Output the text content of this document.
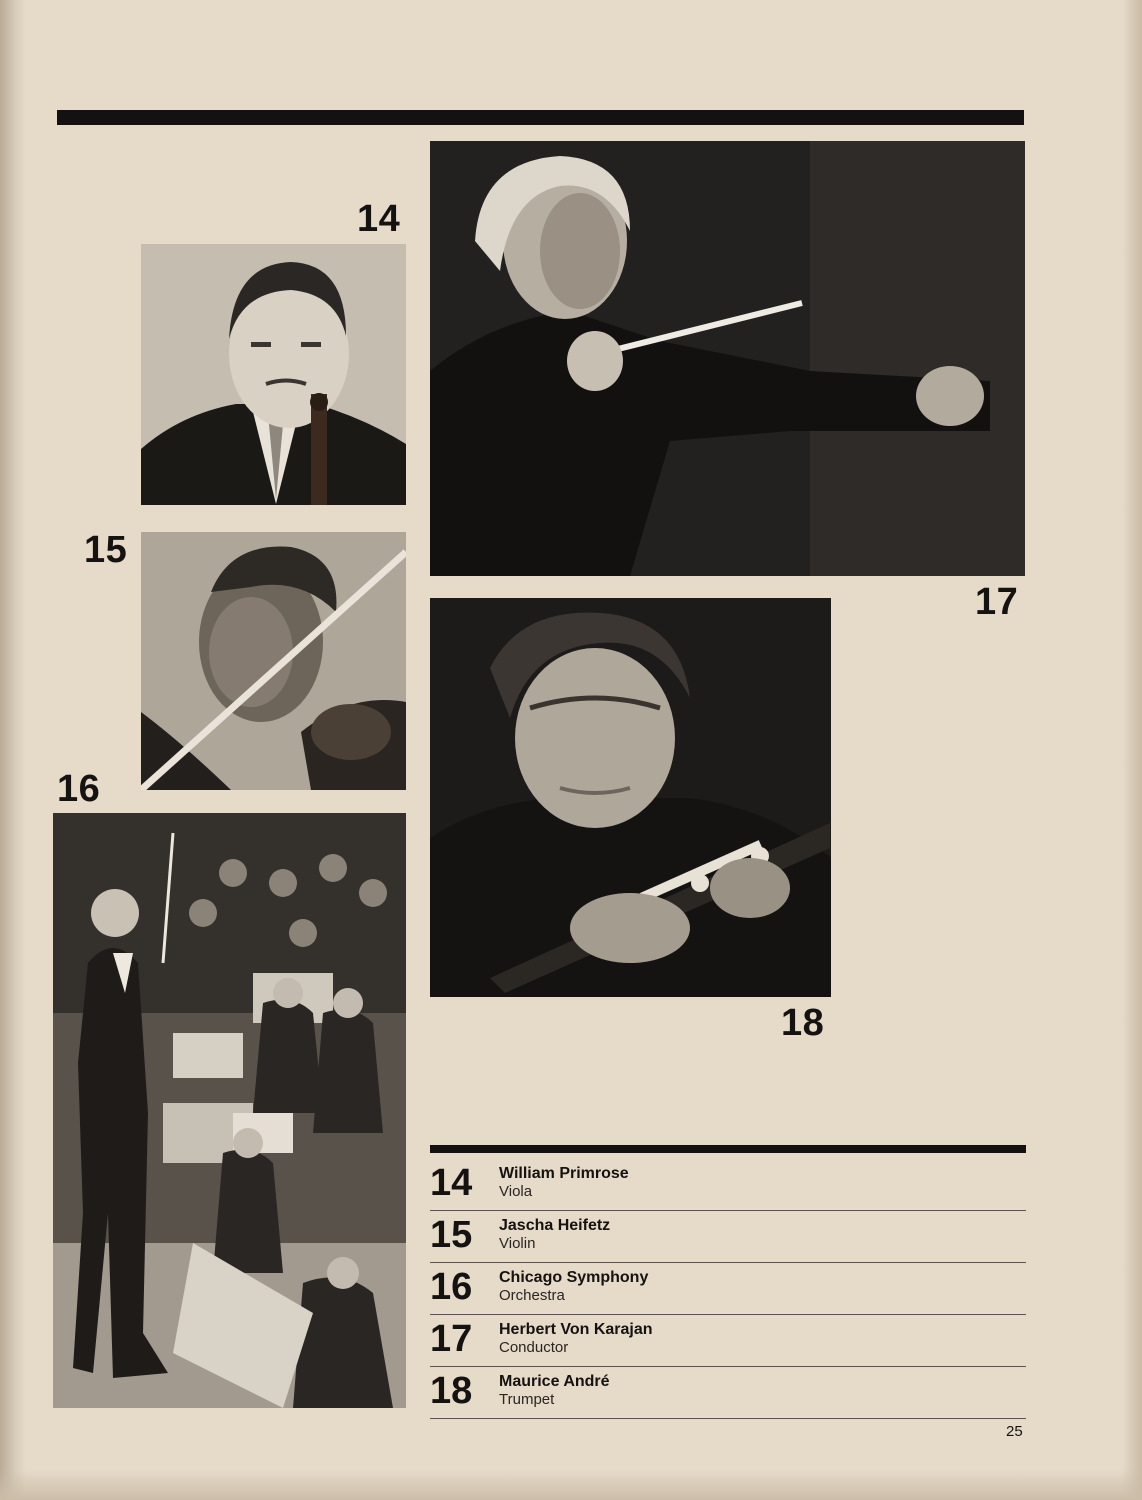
14
15
16
17
18
14 William Primrose
Viola
15 Jascha Heifetz
Violin
16 Chicago Symphony
Orchestra
17 Herbert Von Karajan
Conductor
18 Maurice André
Trumpet
25
